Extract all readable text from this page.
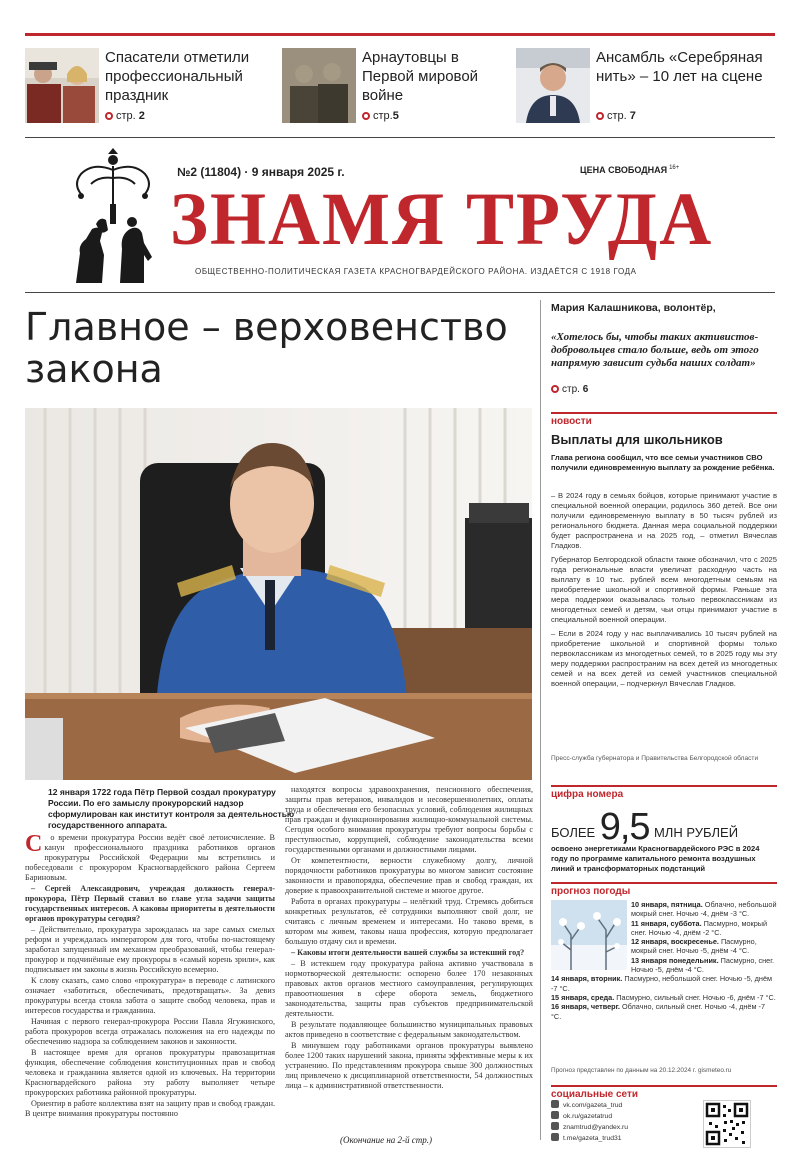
Спасатели отметили профессиональный праздник
стр. 2
Арнаутовцы в Первой мировой войне
стр.5
Ансамбль «Серебряная нить» – 10 лет на сцене
стр. 7
№2 (11804) · 9 января 2025 г.	ЦЕНА СВОБОДНАЯ $^{16+}$
ЗНАМЯ ТРУДА
ОБЩЕСТВЕННО-ПОЛИТИЧЕСКАЯ ГАЗЕТА КРАСНОГВАРДЕЙСКОГО РАЙОНА. ИЗДАЁТСЯ С 1918 ГОДА
Главное – верховенство закона
12 января 1722 года Пётр Первой создал прокуратуру России. По его замыслу прокурорский надзор сформулирован как институт контроля за деятельностью государственного аппарата.
С о времени прокуратура России ведёт своё летоисчисление. В канун профессионального праздника работников органов прокуратуры Российской Федерации мы встретились и побеседовали с прокурором Красногвардейского района Сергеем Бариновым.

– Сергей Александрович, учреждая должность генерал-прокурора, Пётр Первый ставил во главе угла задачи защиты государственных интересов. А каковы приоритеты в деятельности органов прокуратуры сегодня?

– Действительно, прокуратура зарождалась на заре самых смелых реформ и учреждалась императором для того, чтобы по-настоящему заработал запущенный им механизм преобразований, чтобы генерал-прокурор и подчинённые ему прокуроры в «самый корень зрили», как подписывает им законы в жизнь Российскую всемерно.

К слову сказать, само слово «прокуратура» в переводе с латинского означает «заботиться, обеспечивать, предотвращать». За девиз прокуратуры всегда стояла забота о защите свобод человека, прав и интересов государства и гражданина.

Начиная с первого генерал-прокурора России Павла Ягужинского, работа прокуроров всегда отражалась положения на его надежды по обеспечению надзора за соблюдением законов и законности.

В настоящее время для органов прокуратуры правозащитная функция, обеспечение соблюдения конституционных прав и свобод человека и гражданина является одной из ключевых. На территории Красногвардейского района эту работу выполняет четыре прокурорских работника районной прокуратуры.

Ориентир в работе коллектива взят на защиту прав и свобод граждан. В центре внимания прокуратуры постоянно

находятся вопросы здравоохранения, пенсионного обеспечения, защиты прав ветеранов, инвалидов и несовершеннолетних, оплаты труда и обеспечения его безопасных условий, соблюдения жилищных прав граждан и функционирования жилищно-коммунальной системы. Сегодня особого внимания прокуратуры требуют вопросы борьбы с преступностью, коррупцией, соблюдение законодательства всеми государственными органами и должностными лицами.

От компетентности, верности служебному долгу, личной порядочности работников прокуратуры во многом зависит состояние законности и правопорядка, обеспечение прав и свобод граждан, их доверие к правоохранительной системе и многое другое.

Работа в органах прокуратуры – нелёгкий труд. Стремясь добиться конкретных результатов, её сотрудники выполняют свой долг, не считаясь с личным временем и интересами. Но таково время, в котором мы живем, таковы наша профессия, которую предполагает большую отдачу сил и времени.

– Каковы итоги деятельности вашей службы за истекший год?

– В истекшем году прокуратура района активно участвовала в нормотворческой деятельности: оспорено более 170 незаконных правовых актов органов местного самоуправления, регулирующих правоотношения в сфере оборота земель, бюджетного законодательства, защиты прав субъектов предпринимательской деятельности.

В результате подавляющее большинство муниципальных правовых актов приведено в соответствие с федеральным законодательством.

В минувшем году работниками органов прокуратуры выявлено более 1200 таких нарушений закона, приняты эффективные меры к их устранению. По представлениям прокурора свыше 300 должностных лиц привлечено к дисциплинарной ответственности, 54 должностных лица – к административной ответственности.

(Окончание на 2-й стр.)
Мария Калашникова, волонтёр,
«Хотелось бы, чтобы таких активистов-добровольцев стало больше, ведь от этого напрямую зависит судьба наших солдат»
стр. 6
новости
Выплаты для школьников
Глава региона сообщил, что все семьи участников СВО получили единовременную выплату за рождение ребёнка.

– В 2024 году в семьях бойцов, которые принимают участие в специальной военной операции, родилось 360 детей. Все они получили единовременную выплату в 50 тысяч рублей из регионального бюджета. Данная мера социальной поддержки будет распространена и на 2025 год, – отметил Вячеслав Гладков.

Губернатор Белгородской области также обозначил, что с 2025 года региональные власти увеличат расходную часть на выплату в 10 тыс. рублей всем многодетным семьям на приобретение школьной и спортивной формы. Раньше эта мера поддержки оказывалась только первоклассникам из многодетных семей и детям, чьи отцы принимают участие в специальной военной операции.

– Если в 2024 году у нас выплачивались 10 тысяч рублей на приобретение школьной и спортивной формы только первоклассникам из многодетных семей, то в 2025 году мы эту меру поддержки распространим на всех детей из многодетных семей и на всех детей из семей участников специальной военной операции, – подчеркнул Вячеслав Гладков.

Пресс-служба губернатора и Правительства Белгородской области
цифра номера
БОЛЕЕ 9,5 МЛН РУБЛЕЙ
освоено энергетиками Красногвардейского РЭС в 2024 году по программе капитального ремонта воздушных линий и трансформаторных подстанций
прогноз погоды
10 января, пятница. Облачно, небольшой мокрый снег. Ночью -4, днём -3 °С.
11 января, суббота. Пасмурно, мокрый снег. Ночью -4, днём -2 °С.
12 января, воскресенье. Пасмурно, мокрый снег. Ночью -5, днём -4 °С.
13 января понедельник. Пасмурно, снег. Ночью -5, днём -4 °С.
14 января, вторник. Пасмурно, небольшой снег. Ночью -5, днём -7 °С.
15 января, среда. Пасмурно, сильный снег. Ночью -6, днём -7 °С.
16 января, четверг. Облачно, сильный снег. Ночью -4, днём -7 °С.
Прогноз представлен по данным на 20.12.2024 г. gismeteo.ru
социальные сети
vk.com/gazeta_trud
ok.ru/gazetatrud
znamtrud@yandex.ru
t.me/gazeta_trud31
